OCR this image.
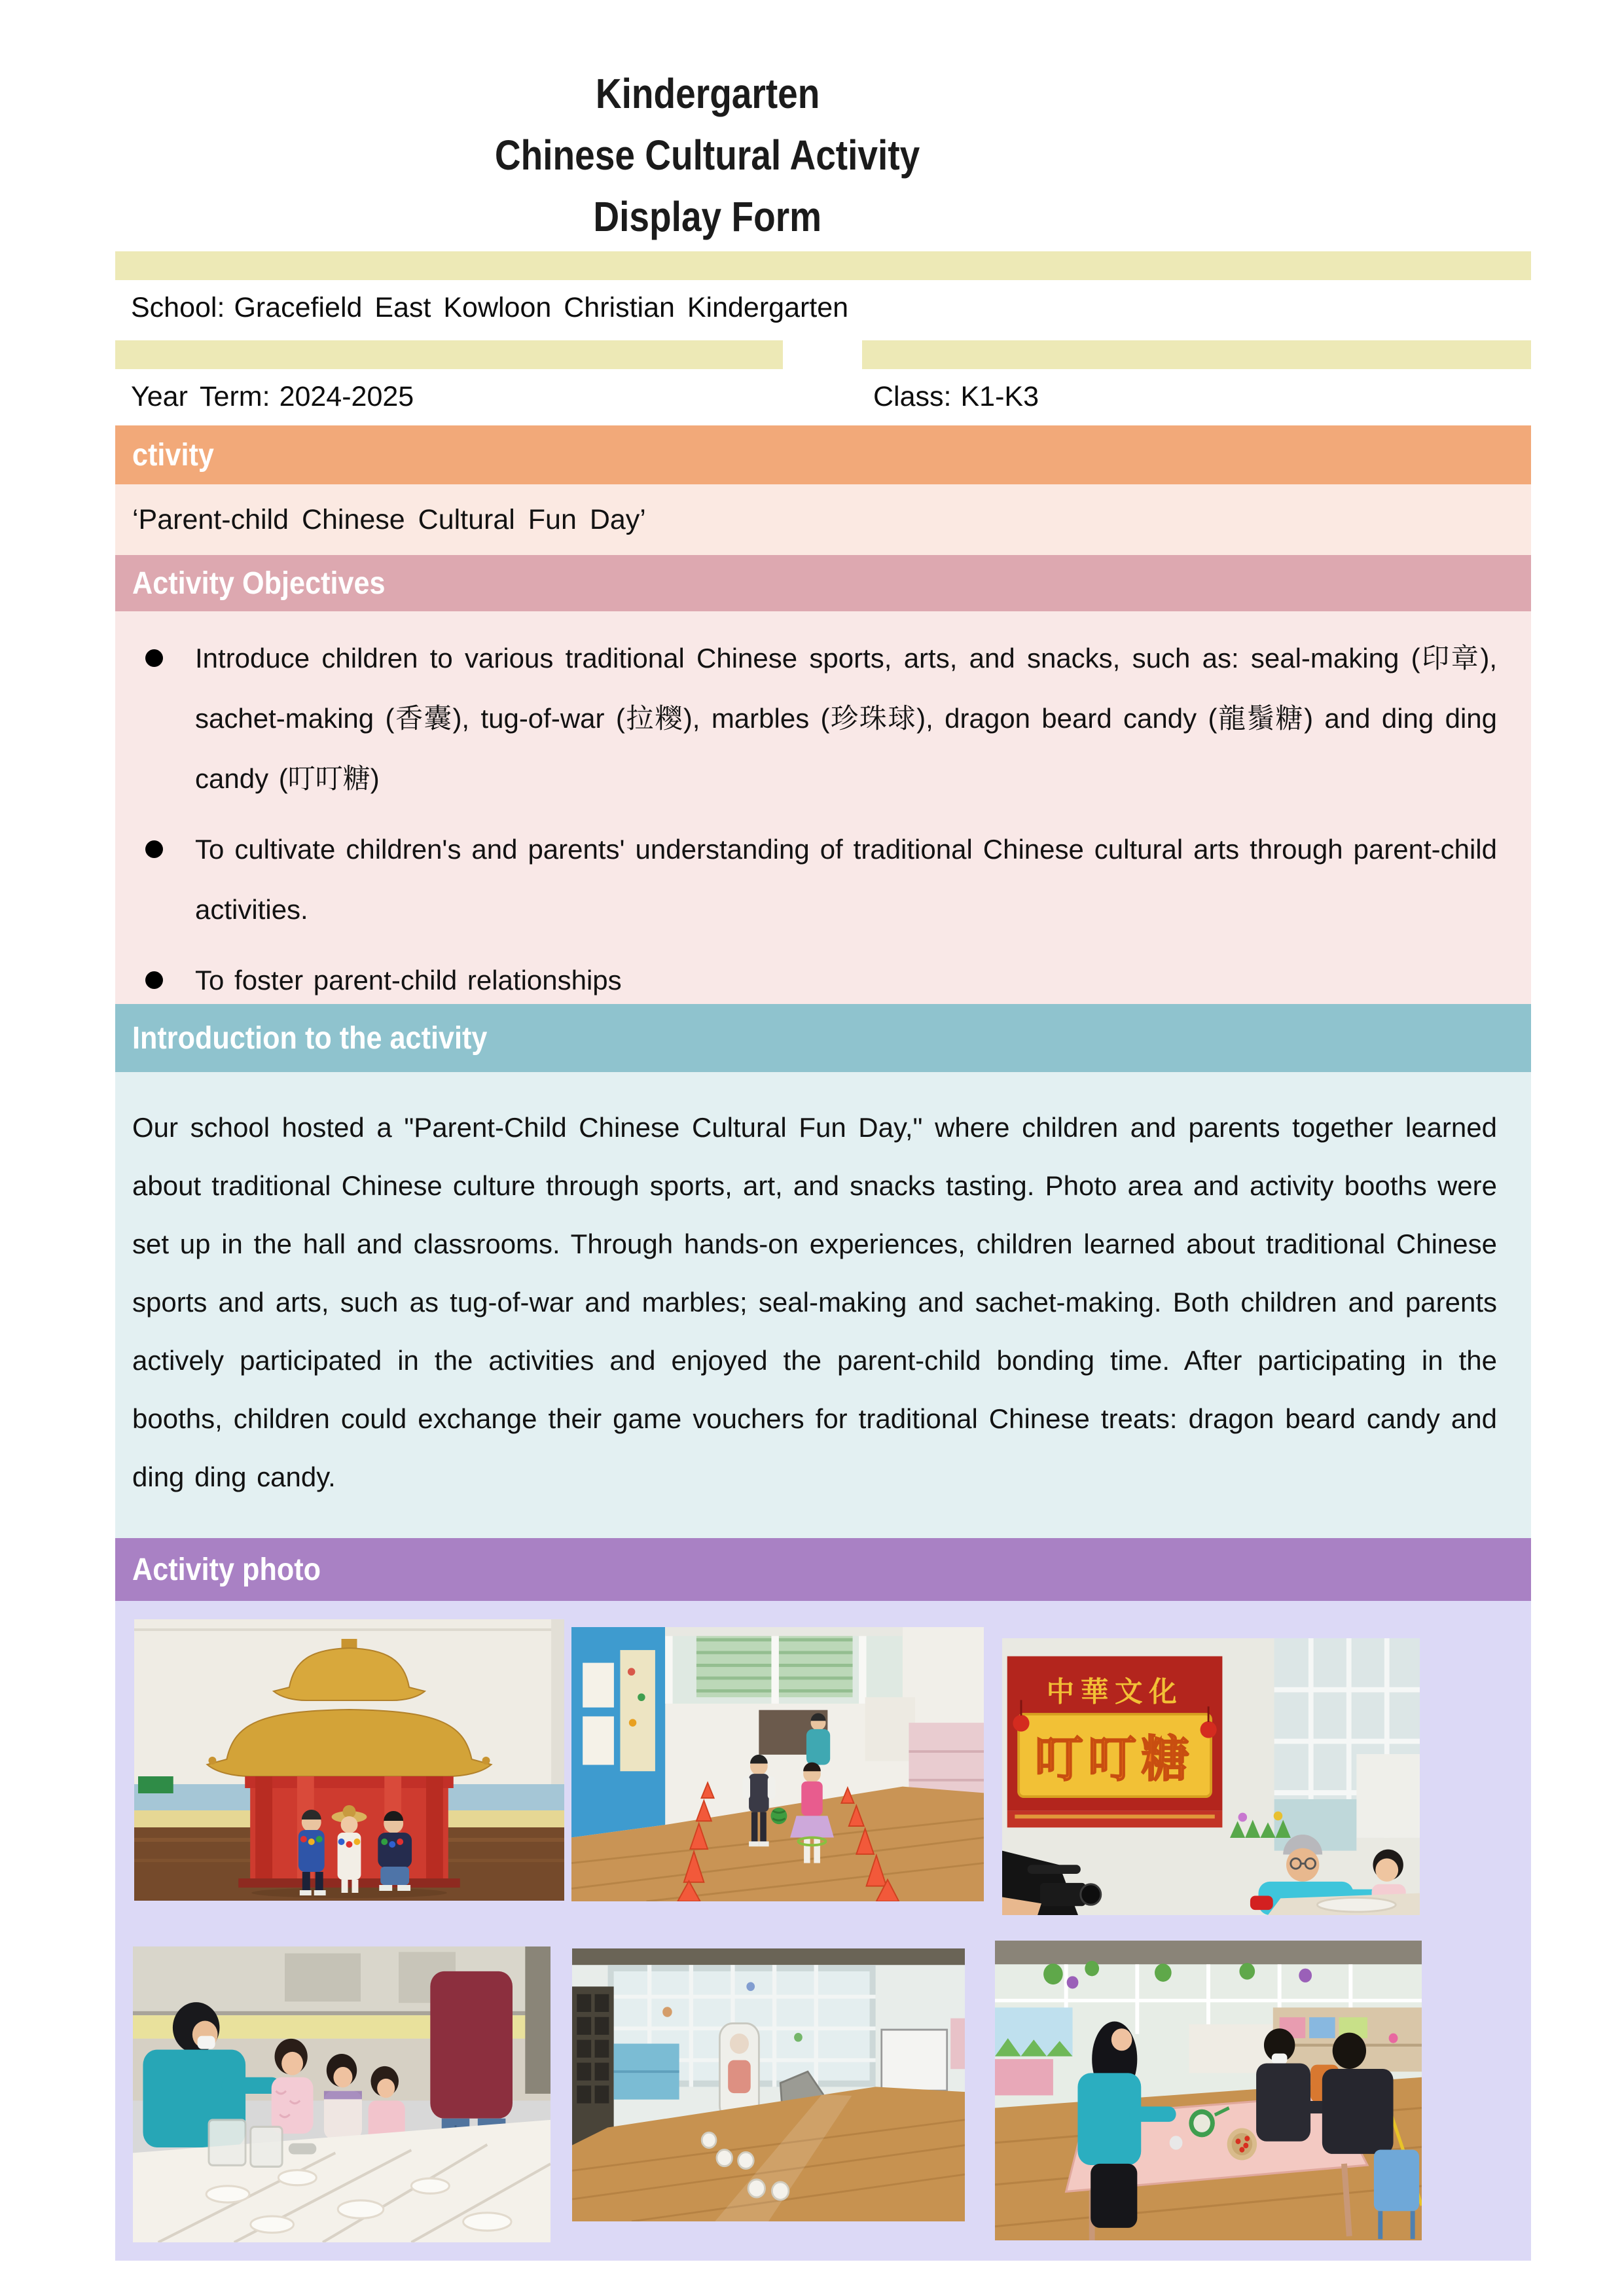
Kindergarten
Chinese Cultural Activity
Display Form
School: Gracefield East Kowloon Christian Kindergarten
Year Term: 2024-2025	Class: K1-K3
ctivity
‘Parent-child Chinese Cultural Fun Day’
Activity Objectives
Introduce children to various traditional Chinese sports, arts, and snacks, such as: seal-making (印章), sachet-making (香囊), tug-of-war (拉糭), marbles (珍珠球), dragon beard candy (龍鬚糖) and ding ding candy (叮叮糖)
To cultivate children's and parents' understanding of traditional Chinese cultural arts through parent-child activities.
To foster parent-child relationships
Introduction to the activity

Our school hosted a "Parent-Child Chinese Cultural Fun Day," where children and parents together learned about traditional Chinese culture through sports, art, and snacks tasting. Photo area and activity booths were set up in the hall and classrooms. Through hands-on experiences, children learned about traditional Chinese sports and arts, such as tug-of-war and marbles; seal-making and sachet-making. Both children and parents actively participated in the activities and enjoyed the parent-child bonding time. After participating in the booths, children could exchange their game vouchers for traditional Chinese treats: dragon beard candy and ding ding candy.

Activity photo
中華文化
叮叮糖
